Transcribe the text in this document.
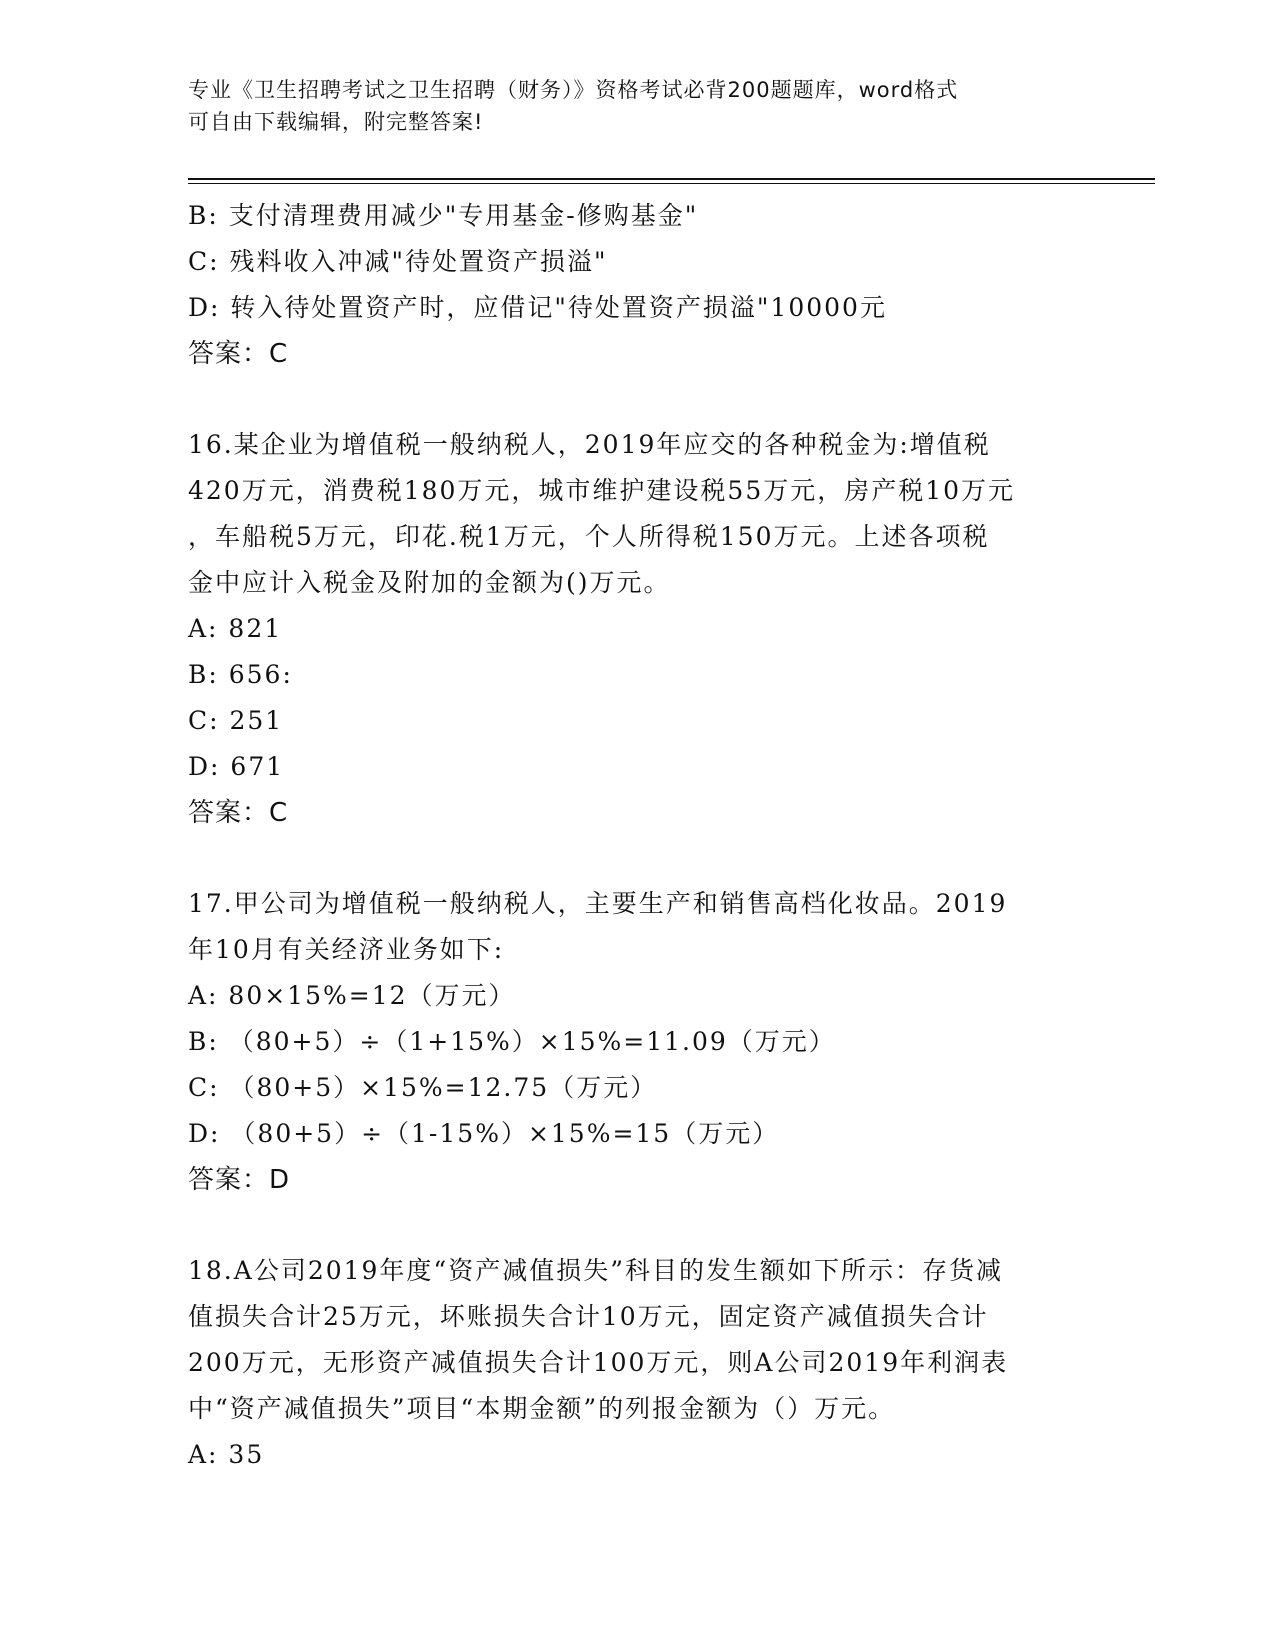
专业《卫生招聘考试之卫生招聘（财务）》资格考试必背200题题库，word格式
可自由下载编辑，附完整答案!
B: 支付清理费用减少"专用基金-修购基金"
C: 残料收入冲减"待处置资产损溢"
D: 转入待处置资产时，应借记"待处置资产损溢"10000元
答案：C
16.某企业为增值税一般纳税人，2019年应交的各种税金为:增值税
420万元，消费税180万元，城市维护建设税55万元，房产税10万元
，车船税5万元，印花.税1万元，个人所得税150万元。上述各项税
金中应计入税金及附加的金额为()万元。
A: 821
B: 656:
C: 251
D: 671
答案：C
17.甲公司为增值税一般纳税人，主要生产和销售高档化妆品。2019
年10月有关经济业务如下:
A: 80×15%=12（万元）
B: （80+5）÷（1+15%）×15%=11.09（万元）
C: （80+5）×15%=12.75（万元）
D: （80+5）÷（1-15%）×15%=15（万元）
答案：D
18.A公司2019年度“资产减值损失”科目的发生额如下所示：存货减
值损失合计25万元，坏账损失合计10万元，固定资产减值损失合计
200万元，无形资产减值损失合计100万元，则A公司2019年利润表
中“资产减值损失”项目“本期金额”的列报金额为（）万元。
A: 35
